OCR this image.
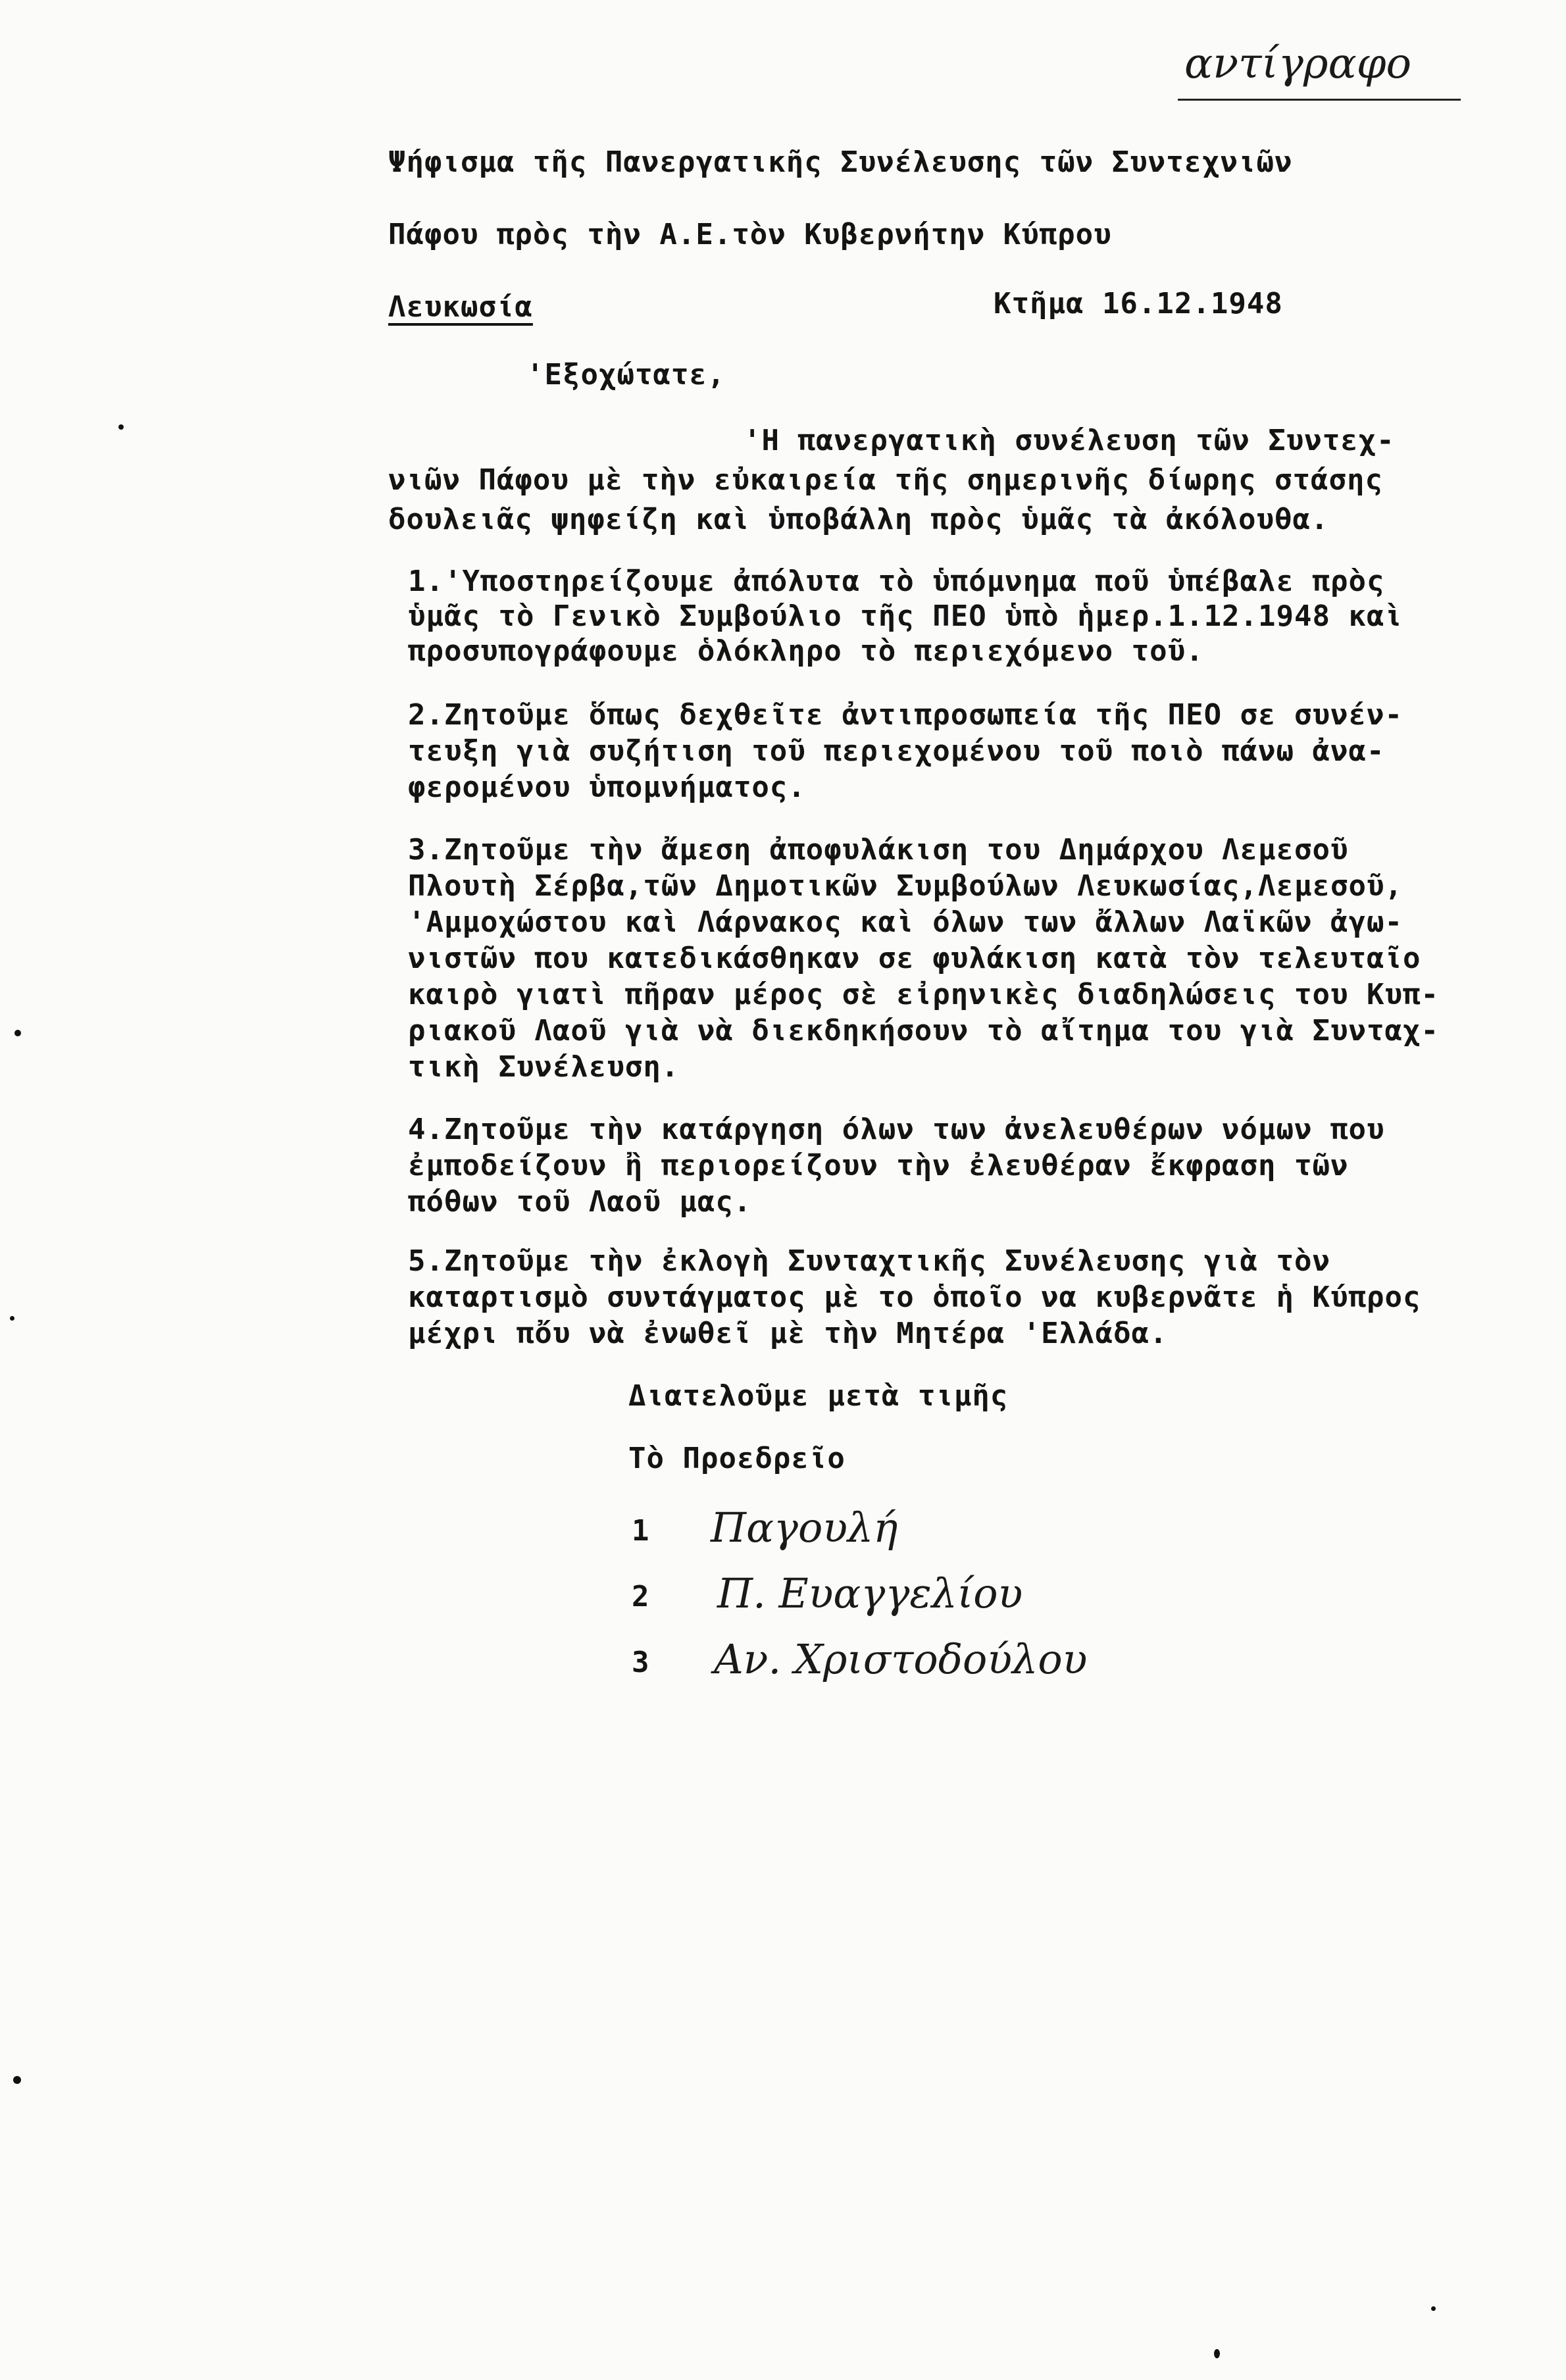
αντίγραφο
Ψήφισμα τῆς Πανεργατικῆς Συνέλευσης τῶν Συντεχνιῶν
Πάφου πρὸς τὴν Α.Ε.τὸν Κυβερνήτην Κύπρου
Λευκωσία	Κτῆμα 16.12.1948
'Εξοχώτατε,
'Η πανεργατικὴ συνέλευση τῶν Συντεχ-
νιῶν Πάφου μὲ τὴν εὐκαιρεία τῆς σημερινῆς δίωρης στάσης
δουλειᾶς ψηφείζη καὶ ὑποβάλλη πρὸς ὑμᾶς τὰ ἀκόλουθα.
1.'Υποστηρείζουμε ἀπόλυτα τὸ ὑπόμνημα ποῦ ὑπέβαλε πρὸς
ὑμᾶς τὸ Γενικὸ Συμβούλιο τῆς ΠΕΟ ὑπὸ ἡμερ.1.12.1948 καὶ
προσυπογράφουμε ὁλόκληρο τὸ περιεχόμενο τοῦ.
2.Ζητοῦμε ὅπως δεχθεῖτε ἀντιπροσωπεία τῆς ΠΕΟ σε συνέν-
τευξη γιὰ συζήτιση τοῦ περιεχομένου τοῦ ποιὸ πάνω ἀνα-
φερομένου ὑπομνήματος.
3.Ζητοῦμε τὴν ἄμεση ἀποφυλάκιση του Δημάρχου Λεμεσοῦ
Πλουτὴ Σέρβα,τῶν Δημοτικῶν Συμβούλων Λευκωσίας,Λεμεσοῦ,
'Αμμοχώστου καὶ Λάρνακος καὶ όλων των ἄλλων Λαϊκῶν ἀγω-
νιστῶν που κατεδικάσθηκαν σε φυλάκιση κατὰ τὸν τελευταῖο
καιρὸ γιατὶ πῆραν μέρος σὲ εἰρηνικὲς διαδηλώσεις του Κυπ-
ριακοῦ Λαοῦ γιὰ νὰ διεκδηκήσουν τὸ αἴτημα του γιὰ Συνταχ-
τικὴ Συνέλευση.
4.Ζητοῦμε τὴν κατάργηση όλων των ἀνελευθέρων νόμων που
ἐμποδείζουν ἢ περιορείζουν τὴν ἐλευθέραν ἔκφραση τῶν
πόθων τοῦ Λαοῦ μας.
5.Ζητοῦμε τὴν ἐκλογὴ Συνταχτικῆς Συνέλευσης γιὰ τὸν
καταρτισμὸ συντάγματος μὲ το ὁποῖο να κυβερνᾶτε ἡ Κύπρος
μέχρι πὄυ νὰ ἐνωθεῖ μὲ τὴν Μητέρα 'Ελλάδα.
Διατελοῦμε μετὰ τιμῆς
Τὸ Προεδρεῖο
1 Παγουλή
2 Π. Ευαγγελίου
3 Αν. Χριστοδούλου
